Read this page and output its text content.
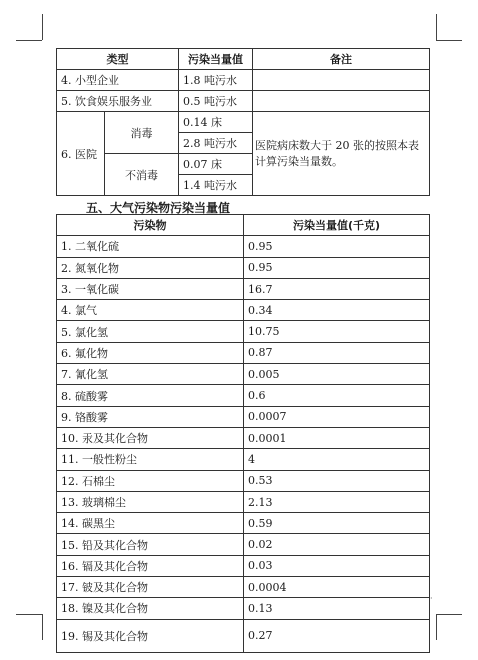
类型		污染当量值	备注
4. 小型企业		1.8 吨污水	
5. 饮食娱乐服务业		0.5 吨污水	
6. 医院	消毒	0.14 床	医院病床数大于 20 张的按照本表计算污染当量数。
		2.8 吨污水	
	不消毒	0.07 床	
		1.4 吨污水	
五、大气污染物污染当量值
污染物	污染当量值(千克)
1. 二氧化硫	0.95
2. 氮氧化物	0.95
3. 一氧化碳	16.7
4. 氯气	0.34
5. 氯化氢	10.75
6. 氟化物	0.87
7. 氰化氢	0.005
8. 硫酸雾	0.6
9. 铬酸雾	0.0007
10. 汞及其化合物	0.0001
11. 一般性粉尘	4
12. 石棉尘	0.53
13. 玻璃棉尘	2.13
14. 碳黑尘	0.59
15. 铅及其化合物	0.02
16. 镉及其化合物	0.03
17. 铍及其化合物	0.0004
18. 镍及其化合物	0.13
19. 锡及其化合物	0.27
·
